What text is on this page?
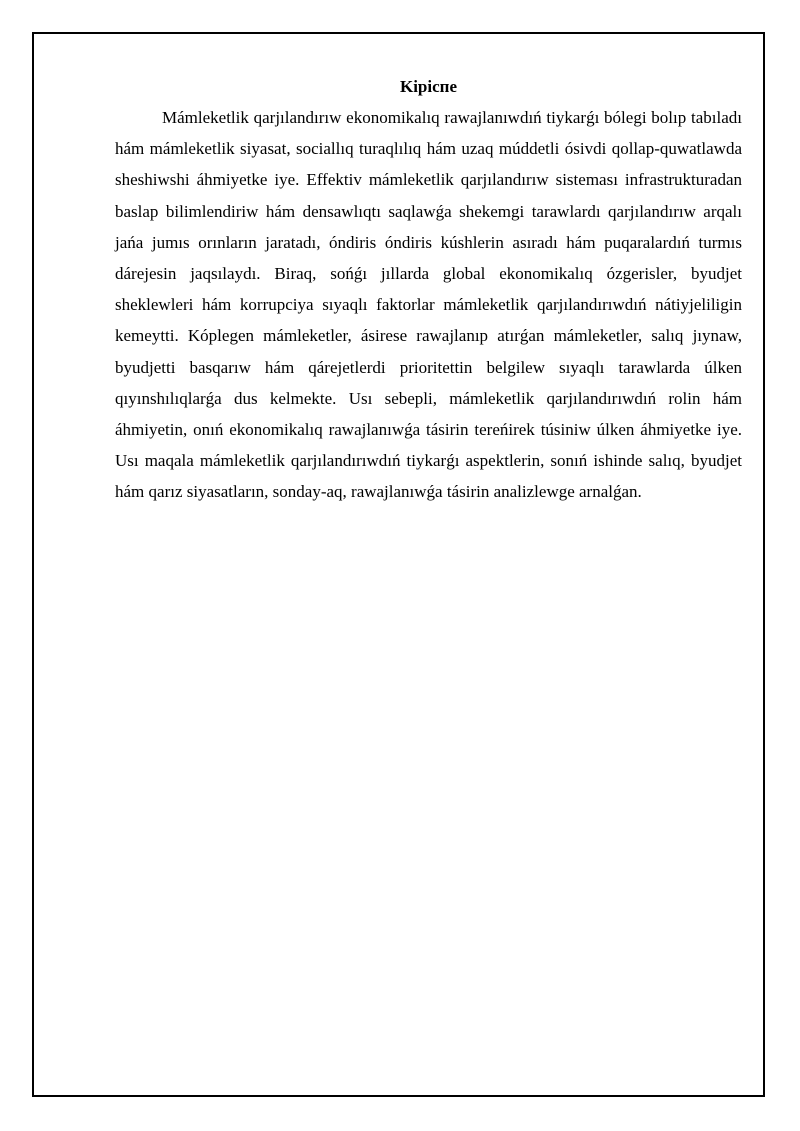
Kipicпe

Mámleketlik qarjılandırıw ekonomikalıq rawajlanıwdıń tiykarǵı bólegi bolıp tabıladı hám mámleketlik siyasat, sociallıq turaqlılıq hám uzaq múddetli ósivdi qollap-quwatlawda sheshiwshi áhmiyetke iye. Effektiv mámleketlik qarjılandırıw sisteması infrastrukturadan baslap bilimlendiriw hám densawlıqtı saqlawǵa shekemgi tarawlardı qarjılandırıw arqalı jańa jumıs orınların jaratadı, óndiris óndiris kúshlerin asıradı hám puqaralardıń turmıs dárejesin jaqsılaydı. Biraq, sońǵı jıllarda global ekonomikalıq ózgerisler, byudjet sheklewleri hám korrupciya sıyaqlı faktorlar mámleketlik qarjılandırıwdıń nátiyjeliligin kemeytti. Kóplegen mámleketler, ásirese rawajlanıp atırǵan mámleketler, salıq jıynaw, byudjetti basqarıw hám qárejetlerdi prioritettin belgilew sıyaqlı tarawlarda úlken qıyınshılıqlarǵa dus kelmekte. Usı sebepli, mámleketlik qarjılandırıwdıń rolin hám áhmiyetin, onıń ekonomikalıq rawajlanıwǵa tásirin tereńirek túsiniw úlken áhmiyetke iye. Usı maqala mámleketlik qarjılandırıwdıń tiykarǵı aspektlerin, sonıń ishinde salıq, byudjet hám qarız siyasatların, sonday-aq, rawajlanıwǵa tásirin analizlewge arnalǵan.
